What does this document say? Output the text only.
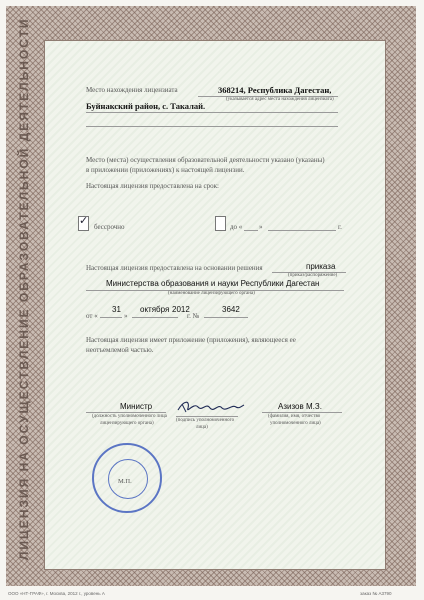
ЛИЦЕНЗИЯ НА ОСУЩЕСТВЛЕНИЕ ОБРАЗОВАТЕЛЬНОЙ ДЕЯТЕЛЬНОСТИ	Место нахождения лицензиата	368214, Республика Дагестан,
(указывается адрес места нахождения лицензиата)
Буйнакский район, с. Такалай.
Место (места) осуществления образовательной деятельности указано (указаны)
в приложении (приложениях) к настоящей лицензии.
Настоящая лицензия предоставлена на срок:
✓ бессрочно	до « »	г.
Настоящая лицензия предоставлена на основании решения	приказа
(приказ/распоряжение)
Министерства образования и науки Республики Дагестан
(наименование лицензирующего органа)
от «
31
»
октября 2012
г. №
3642
Настоящая лицензия имеет приложение (приложения), являющееся ее
неотъемлемой частью.
Министр
(должность уполномоченного лица
лицензирующего органа)
(подпись уполномоченного
лица)
Азизов М.З.
(фамилия, имя, отчество
уполномоченного лица)
М.П.
ООО «НТ-ГРАФ», г. Москва, 2012 г., уровень А	заказ № А3790
